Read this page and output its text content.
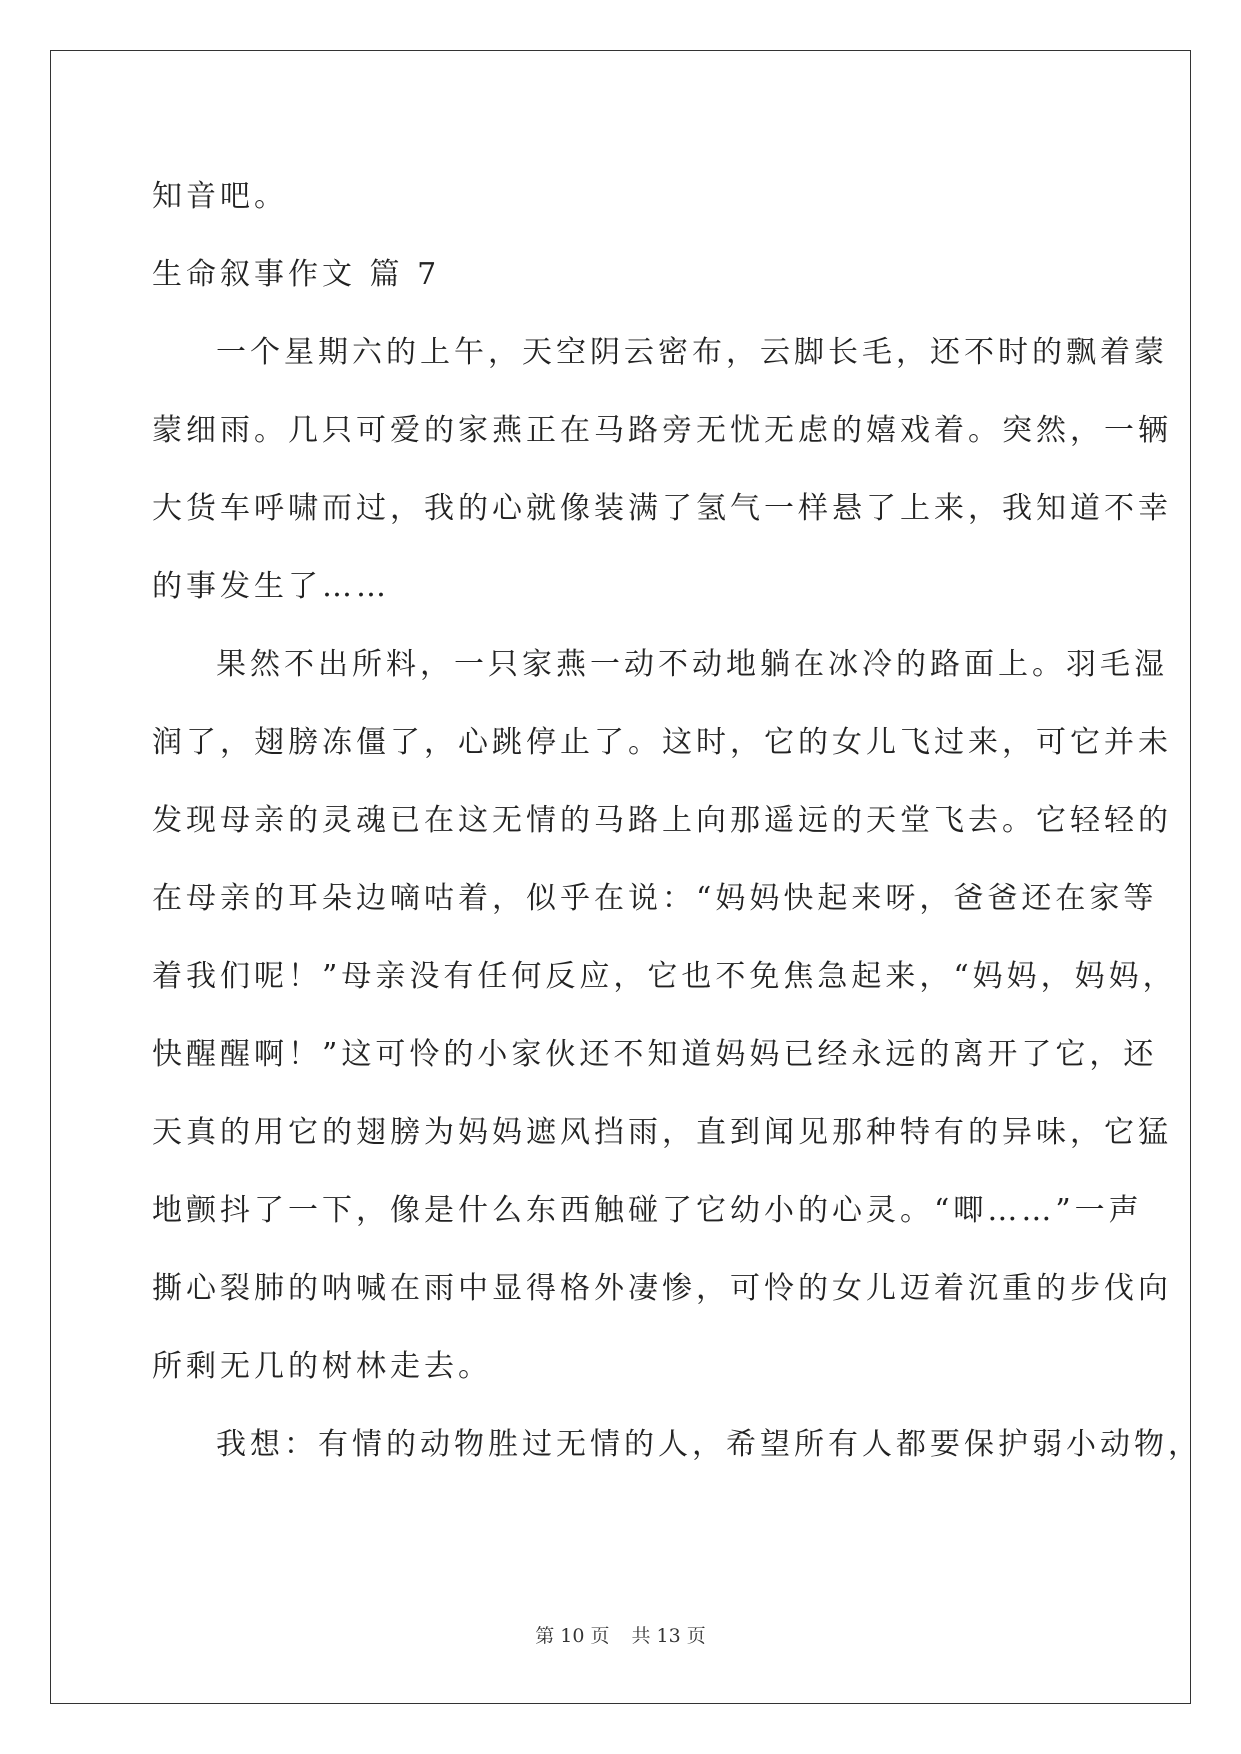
知音吧。
生命叙事作文 篇 7
一个星期六的上午，天空阴云密布，云脚长毛，还不时的飘着蒙
蒙细雨。几只可爱的家燕正在马路旁无忧无虑的嬉戏着。突然，一辆
大货车呼啸而过，我的心就像装满了氢气一样悬了上来，我知道不幸
的事发生了……
果然不出所料，一只家燕一动不动地躺在冰冷的路面上。羽毛湿
润了，翅膀冻僵了，心跳停止了。这时，它的女儿飞过来，可它并未
发现母亲的灵魂已在这无情的马路上向那遥远的天堂飞去。它轻轻的
在母亲的耳朵边嘀咕着，似乎在说：“妈妈快起来呀，爸爸还在家等
着我们呢！”母亲没有任何反应，它也不免焦急起来，“妈妈，妈妈，
快醒醒啊！”这可怜的小家伙还不知道妈妈已经永远的离开了它，还
天真的用它的翅膀为妈妈遮风挡雨，直到闻见那种特有的异味，它猛
地颤抖了一下，像是什么东西触碰了它幼小的心灵。“唧……”一声
撕心裂肺的呐喊在雨中显得格外凄惨，可怜的女儿迈着沉重的步伐向
所剩无几的树林走去。
我想：有情的动物胜过无情的人，希望所有人都要保护弱小动物，
第 10 页 共 13 页
